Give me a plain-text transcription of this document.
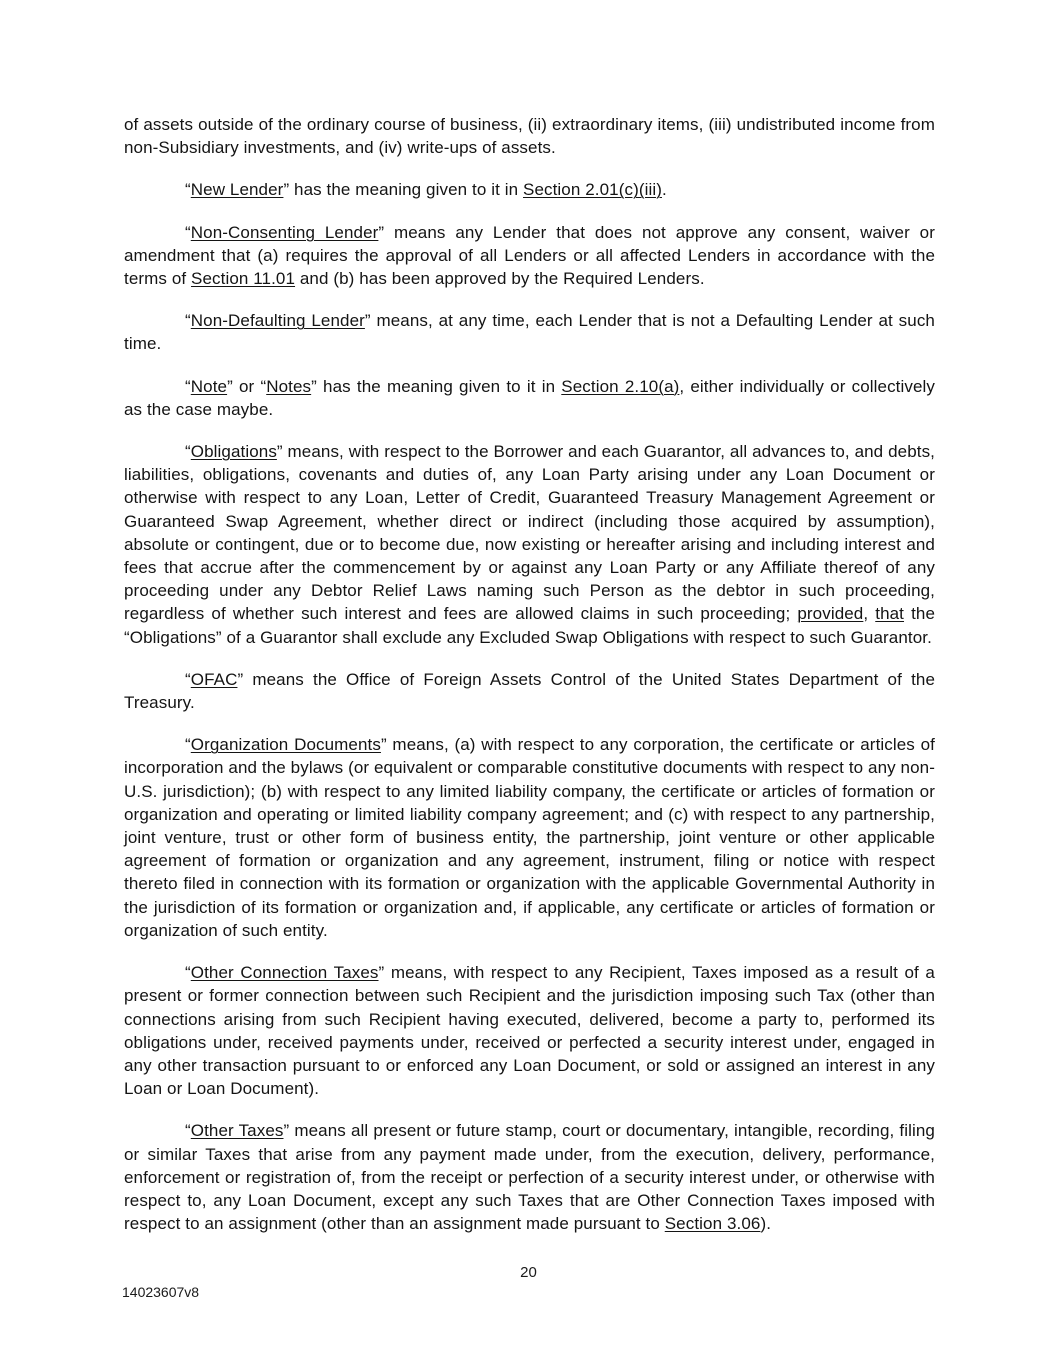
of assets outside of the ordinary course of business, (ii) extraordinary items, (iii) undistributed income from non-Subsidiary investments, and (iv) write-ups of assets.

“New Lender” has the meaning given to it in Section 2.01(c)(iii).

“Non-Consenting Lender” means any Lender that does not approve any consent, waiver or amendment that (a) requires the approval of all Lenders or all affected Lenders in accordance with the terms of Section 11.01 and (b) has been approved by the Required Lenders.

“Non-Defaulting Lender” means, at any time, each Lender that is not a Defaulting Lender at such time.

“Note” or “Notes” has the meaning given to it in Section 2.10(a), either individually or collectively as the case maybe.

“Obligations” means, with respect to the Borrower and each Guarantor, all advances to, and debts, liabilities, obligations, covenants and duties of, any Loan Party arising under any Loan Document or otherwise with respect to any Loan, Letter of Credit, Guaranteed Treasury Management Agreement or Guaranteed Swap Agreement, whether direct or indirect (including those acquired by assumption), absolute or contingent, due or to become due, now existing or hereafter arising and including interest and fees that accrue after the commencement by or against any Loan Party or any Affiliate thereof of any proceeding under any Debtor Relief Laws naming such Person as the debtor in such proceeding, regardless of whether such interest and fees are allowed claims in such proceeding; provided, that the “Obligations” of a Guarantor shall exclude any Excluded Swap Obligations with respect to such Guarantor.

“OFAC” means the Office of Foreign Assets Control of the United States Department of the Treasury.

“Organization Documents” means, (a) with respect to any corporation, the certificate or articles of incorporation and the bylaws (or equivalent or comparable constitutive documents with respect to any non-U.S. jurisdiction); (b) with respect to any limited liability company, the certificate or articles of formation or organization and operating or limited liability company agreement; and (c) with respect to any partnership, joint venture, trust or other form of business entity, the partnership, joint venture or other applicable agreement of formation or organization and any agreement, instrument, filing or notice with respect thereto filed in connection with its formation or organization with the applicable Governmental Authority in the jurisdiction of its formation or organization and, if applicable, any certificate or articles of formation or organization of such entity.

“Other Connection Taxes” means, with respect to any Recipient, Taxes imposed as a result of a present or former connection between such Recipient and the jurisdiction imposing such Tax (other than connections arising from such Recipient having executed, delivered, become a party to, performed its obligations under, received payments under, received or perfected a security interest under, engaged in any other transaction pursuant to or enforced any Loan Document, or sold or assigned an interest in any Loan or Loan Document).

“Other Taxes” means all present or future stamp, court or documentary, intangible, recording, filing or similar Taxes that arise from any payment made under, from the execution, delivery, performance, enforcement or registration of, from the receipt or perfection of a security interest under, or otherwise with respect to, any Loan Document, except any such Taxes that are Other Connection Taxes imposed with respect to an assignment (other than an assignment made pursuant to Section 3.06).

20
14023607v8
